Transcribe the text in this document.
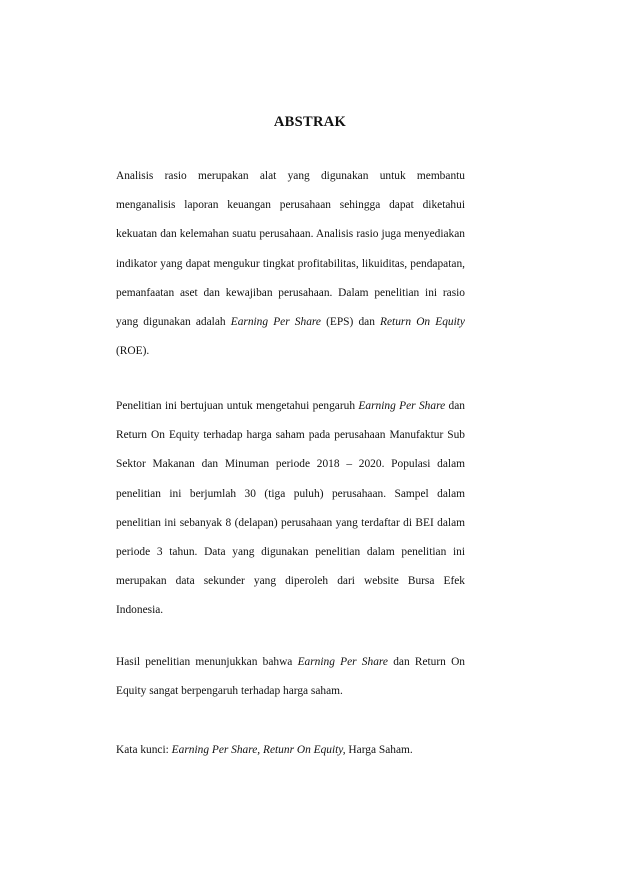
ABSTRAK

Analisis rasio merupakan alat yang digunakan untuk membantu menganalisis laporan keuangan perusahaan sehingga dapat diketahui kekuatan dan kelemahan suatu perusahaan. Analisis rasio juga menyediakan indikator yang dapat mengukur tingkat profitabilitas, likuiditas, pendapatan, pemanfaatan aset dan kewajiban perusahaan. Dalam penelitian ini rasio yang digunakan adalah Earning Per Share (EPS) dan Return On Equity (ROE).

Penelitian ini bertujuan untuk mengetahui pengaruh Earning Per Share dan Return On Equity terhadap harga saham pada perusahaan Manufaktur Sub Sektor Makanan dan Minuman periode 2018 – 2020. Populasi dalam penelitian ini berjumlah 30 (tiga puluh) perusahaan. Sampel dalam penelitian ini sebanyak 8 (delapan) perusahaan yang terdaftar di BEI dalam periode 3 tahun. Data yang digunakan penelitian dalam penelitian ini merupakan data sekunder yang diperoleh dari website Bursa Efek Indonesia.

Hasil penelitian menunjukkan bahwa Earning Per Share dan Return On Equity sangat berpengaruh terhadap harga saham.

Kata kunci: Earning Per Share, Retunr On Equity, Harga Saham.
